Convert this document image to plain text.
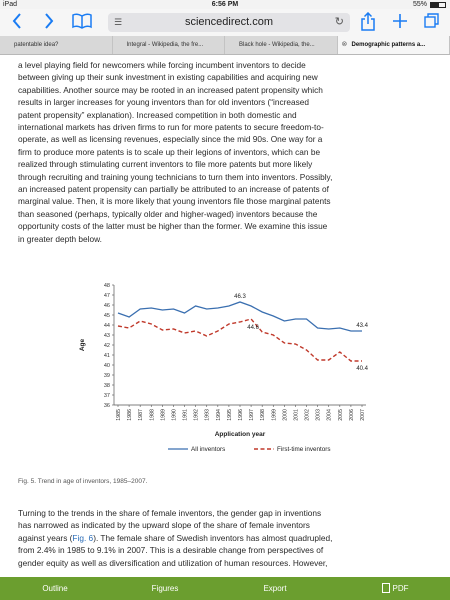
iPad	6:56 PM	55%
☰	sciencedirect.com	↻
patentable idea?	Integral - Wikipedia, the fre...	Black hole - Wikipedia, the...	⊗ Demographic patterns a...
a level playing field for newcomers while forcing incumbent inventors to decide
between giving up their sunk investment in existing capabilities and acquiring new
capabilities. Another source may be rooted in an increased patent propensity which
results in larger increases for young inventors than for old inventors (“increased
patent propensity” explanation). Increased competition in both domestic and
international markets has driven firms to run for more patents to secure freedom-to-
operate, as well as licensing revenues, especially since the mid 90s. One way for a
firm to produce more patents is to scale up their legions of inventors, which can be
realized through stimulating current inventors to file more patents but more likely
through recruiting and training young technicians to turn them into inventors. Possibly,
an increased patent propensity can partially be attributed to an increase of patents of
marginal value. Then, it is more likely that young inventors file those marginal patents
than seasoned (perhaps, typically older and higher-waged) inventors because the
opportunity costs of the latter must be higher than the former. We examine this issue
in greater depth below.
36
37
38
39
40
41
42
43
44
45
46
47
48
1985 1986 1987 1988 1989 1990 1991 1992 1993 1994 1995 1996 1997 1998 1999 2000 2001 2002 2003 2004 2005 2006 2007
Application year
Age
46.3
44.6	43.4
40.4
All inventors	First-time inventors
Fig. 5. Trend in age of inventors, 1985–2007.
Turning to the trends in the share of female inventors, the gender gap in inventions
has narrowed as indicated by the upward slope of the share of female inventors
against years (Fig. 6). The female share of Swedish inventors has almost quadrupled,
from 2.4% in 1985 to 9.1% in 2007. This is a desirable change from perspectives of
gender equity as well as diversification and utilization of human resources. However,
Outline	Figures	Export	PDF
